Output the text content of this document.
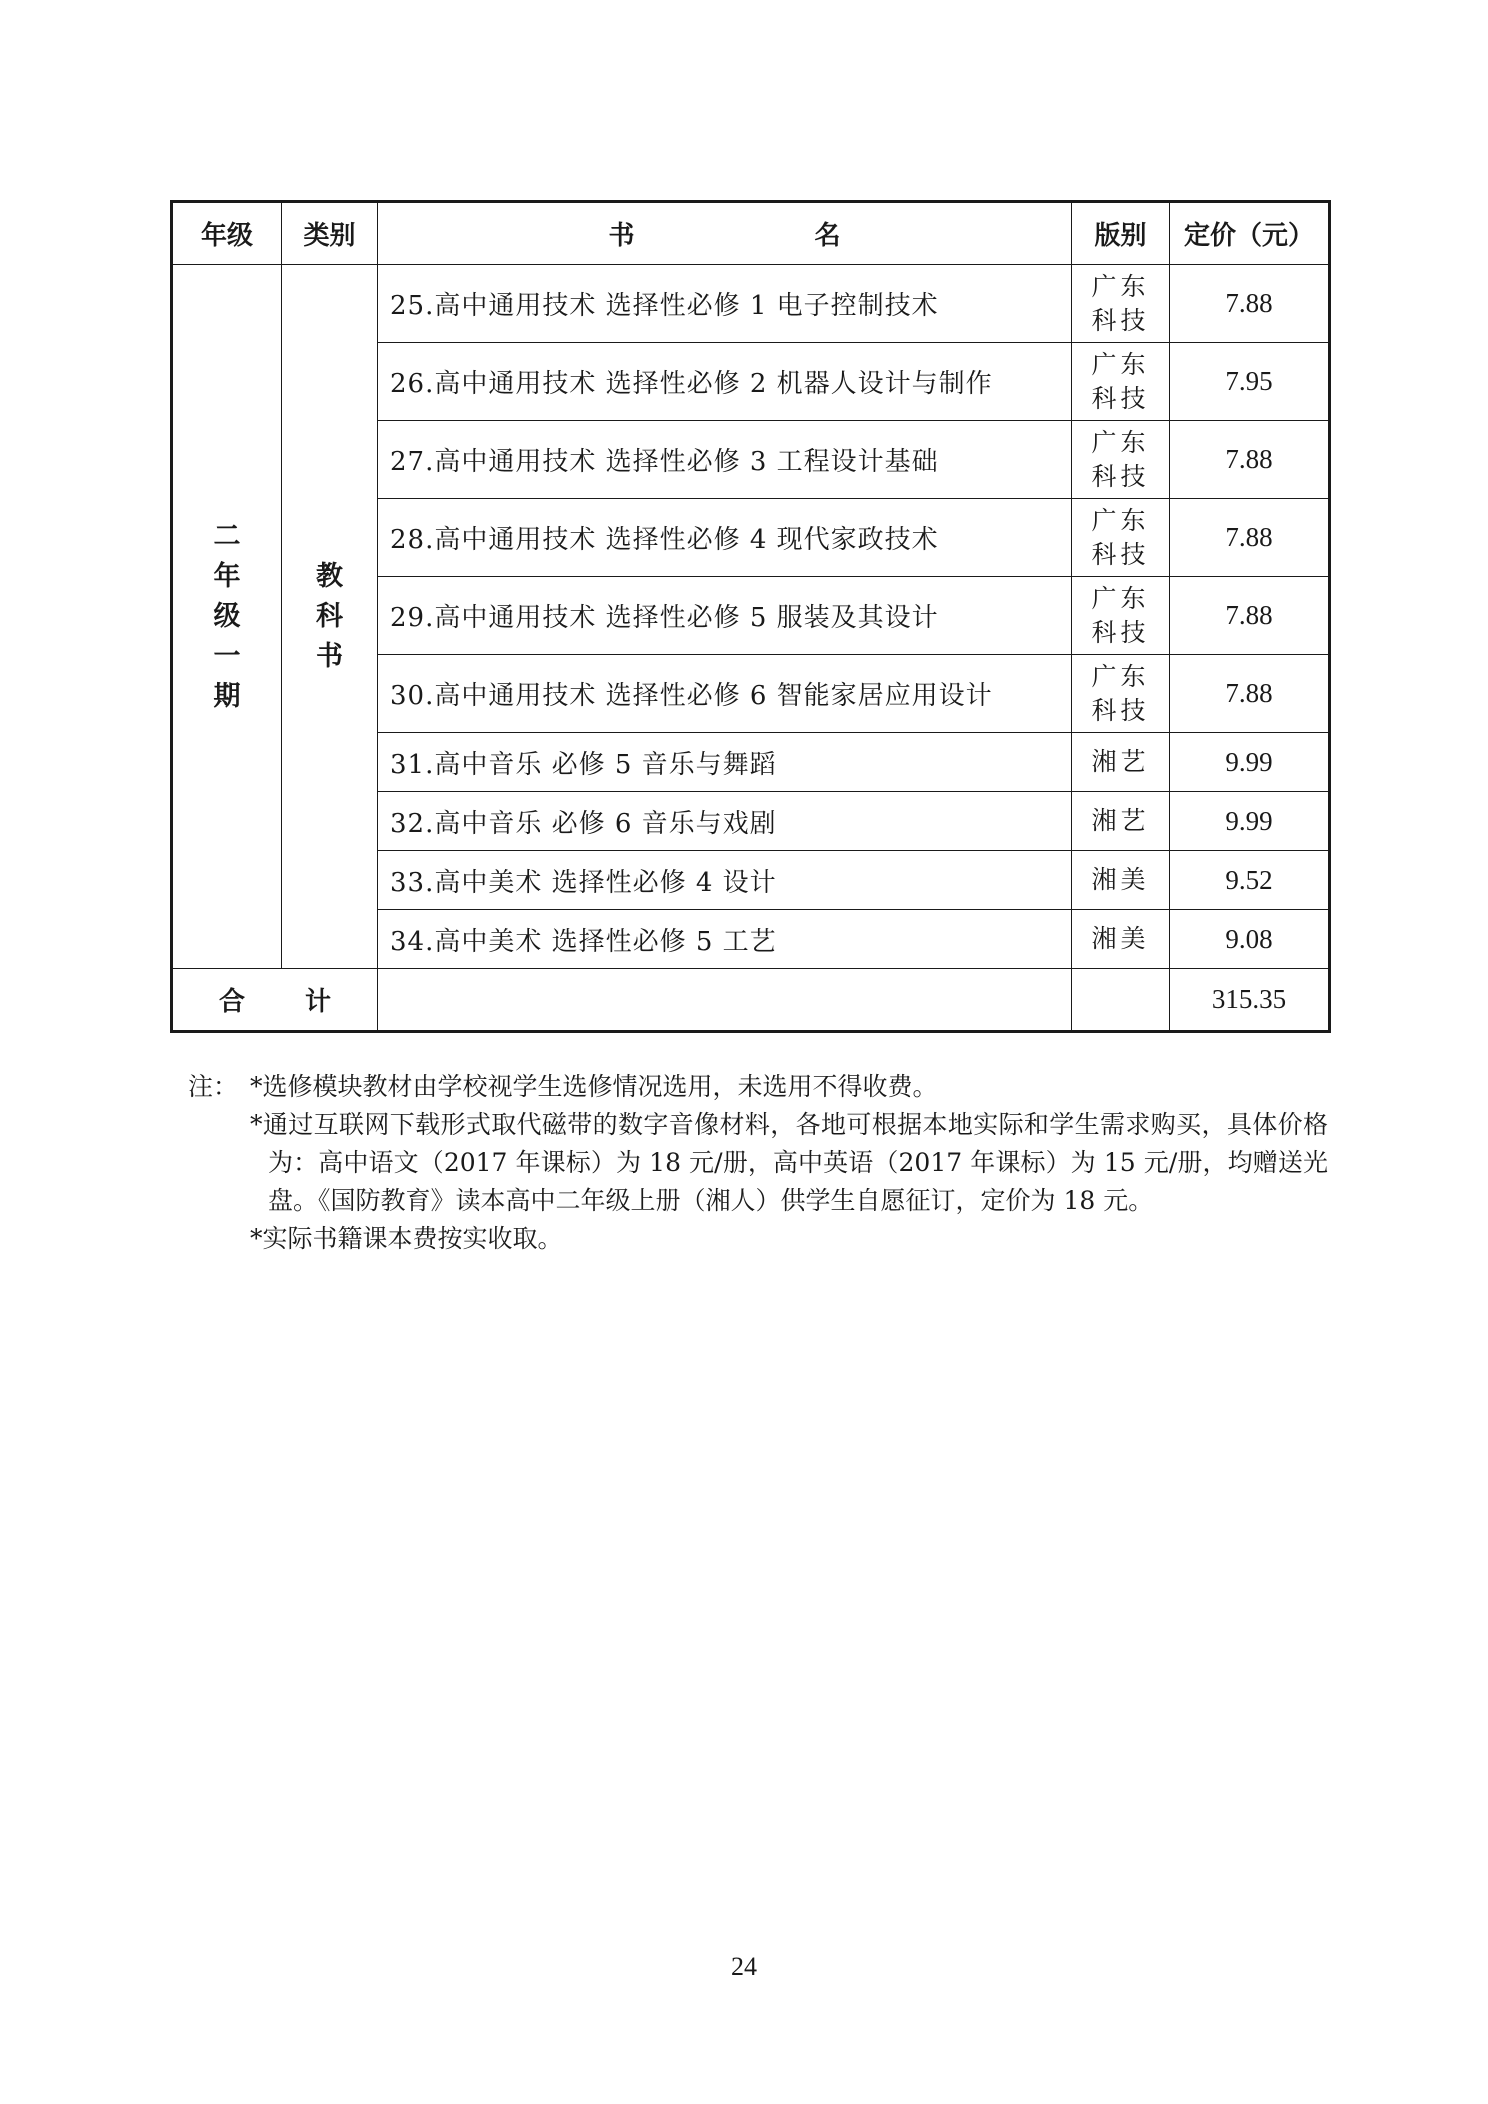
年级	类别	书 名	版别	定价（元）
二年级一期	教科书	25.高中通用技术 选择性必修 1 电子控制技术	广东科技	7.88
		26.高中通用技术 选择性必修 2 机器人设计与制作	广东科技	7.95
		27.高中通用技术 选择性必修 3 工程设计基础	广东科技	7.88
		28.高中通用技术 选择性必修 4 现代家政技术	广东科技	7.88
		29.高中通用技术 选择性必修 5 服装及其设计	广东科技	7.88
		30.高中通用技术 选择性必修 6 智能家居应用设计	广东科技	7.88
		31.高中音乐 必修 5 音乐与舞蹈	湘艺	9.99
		32.高中音乐 必修 6 音乐与戏剧	湘艺	9.99
		33.高中美术 选择性必修 4 设计	湘美	9.52
		34.高中美术 选择性必修 5 工艺	湘美	9.08

合 计				315.35
注： *选修模块教材由学校视学生选修情况选用，未选用不得收费。
*通过互联网下载形式取代磁带的数字音像材料，各地可根据本地实际和学生需求购买，具体价格为：高中语文（2017 年课标）为 18 元/册，高中英语（2017 年课标）为 15 元/册，均赠送光盘。《国防教育》读本高中二年级上册（湘人）供学生自愿征订，定价为 18 元。
*实际书籍课本费按实收取。
24
